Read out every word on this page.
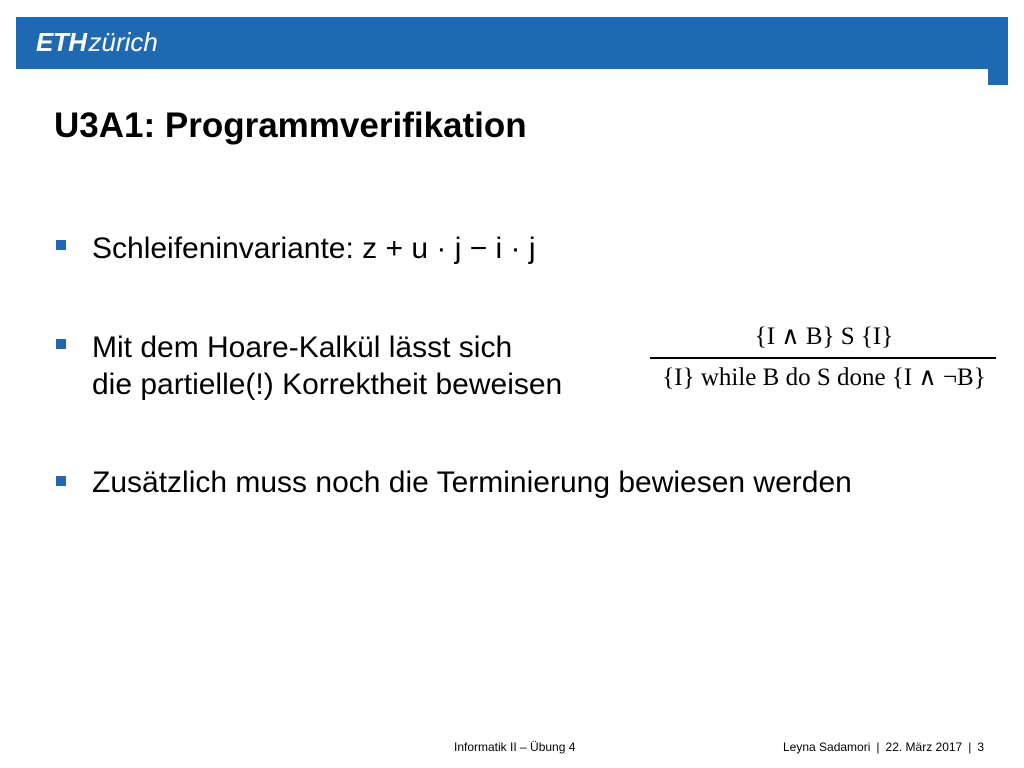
ETHzürich
U3A1: Programmverifikation
Schleifeninvariante: z + u · j − i · j
Mit dem Hoare-Kalkül lässt sich
die partielle(!) Korrektheit beweisen
Zusätzlich muss noch die Terminierung bewiesen werden
{I ∧ B} S {I}
{I} while B do S done {I ∧ ¬B}
Informatik II – Übung 4	Leyna Sadamori | 22. März 2017 | 3
